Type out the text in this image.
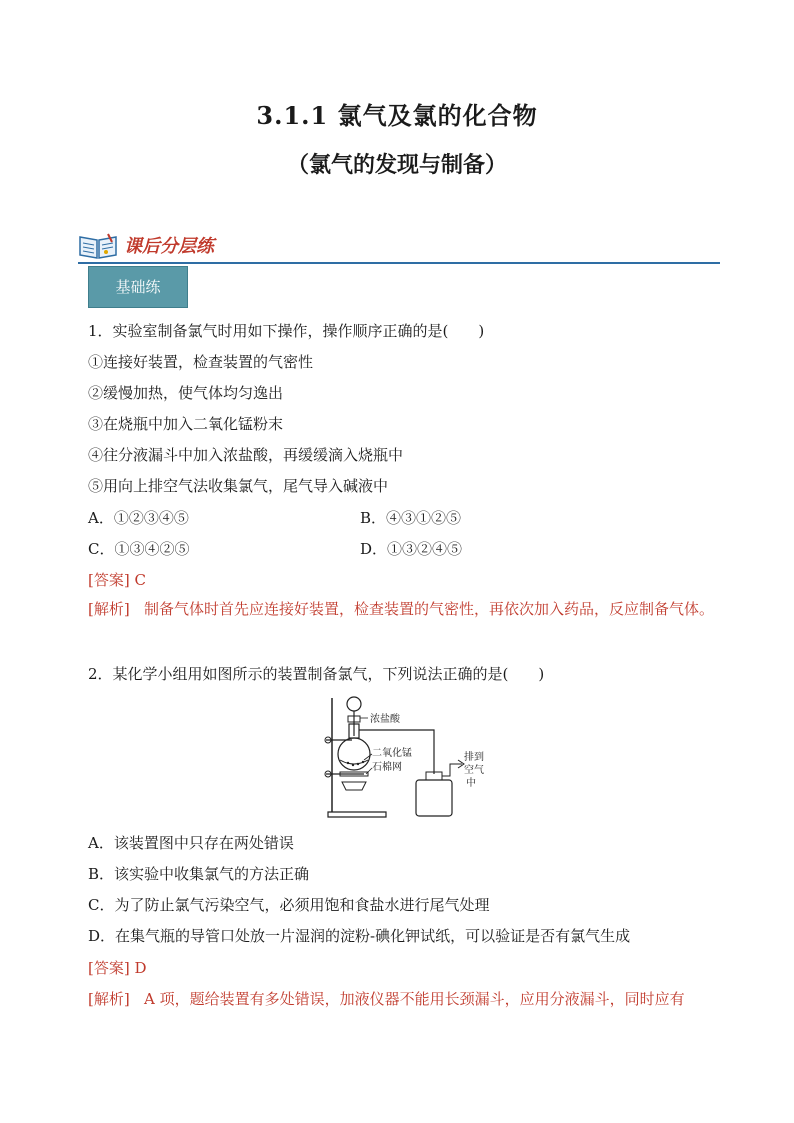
3.1.1 氯气及氯的化合物
（氯气的发现与制备）
课后分层练
基础练
1．实验室制备氯气时用如下操作，操作顺序正确的是(　　)
①连接好装置，检查装置的气密性
②缓慢加热，使气体均匀逸出
③在烧瓶中加入二氧化锰粉末
④往分液漏斗中加入浓盐酸，再缓缓滴入烧瓶中
⑤用向上排空气法收集氯气，尾气导入碱液中
A．①②③④⑤	B．④③①②⑤
C．①③④②⑤	D．①③②④⑤
[答案] C
[解析] 制备气体时首先应连接好装置，检查装置的气密性，再依次加入药品，反应制备气体。
2．某化学小组用如图所示的装置制备氯气，下列说法正确的是(　　)
浓盐酸
二氧化锰
石棉网
排到
空气
中
A．该装置图中只存在两处错误
B．该实验中收集氯气的方法正确
C．为了防止氯气污染空气，必须用饱和食盐水进行尾气处理
D．在集气瓶的导管口处放一片湿润的淀粉-碘化钾试纸，可以验证是否有氯气生成
[答案] D
[解析] A 项，题给装置有多处错误，加液仪器不能用长颈漏斗，应用分液漏斗，同时应有
